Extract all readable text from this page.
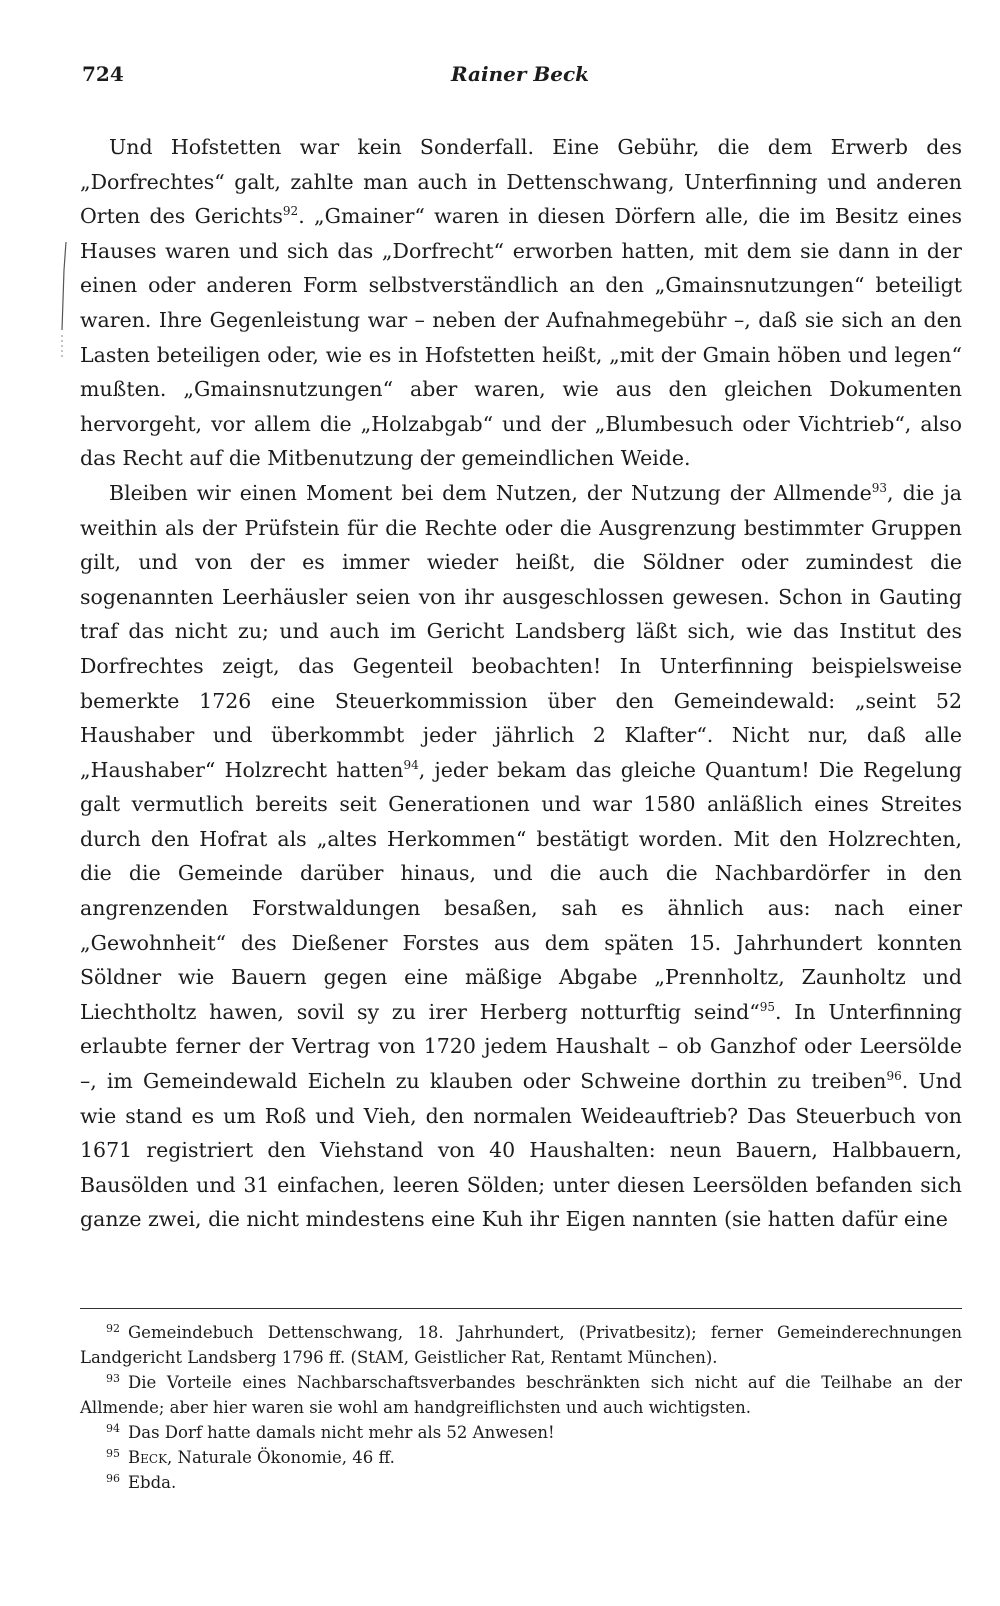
724	Rainer Beck

Und Hofstetten war kein Sonderfall. Eine Gebühr, die dem Erwerb des „Dorfrechtes“ galt, zahlte man auch in Dettenschwang, Unterfinning und anderen Orten des Gerichts$^{92}$. „Gmainer“ waren in diesen Dörfern alle, die im Besitz eines Hauses waren und sich das „Dorfrecht“ erworben hatten, mit dem sie dann in der einen oder anderen Form selbstverständlich an den „Gmainsnutzungen“ beteiligt waren. Ihre Gegenleistung war – neben der Aufnahmegebühr –, daß sie sich an den Lasten beteiligen oder, wie es in Hofstetten heißt, „mit der Gmain höben und legen“ mußten. „Gmainsnutzungen“ aber waren, wie aus den gleichen Dokumenten hervorgeht, vor allem die „Holzabgab“ und der „Blumbesuch oder Vichtrieb“, also das Recht auf die Mitbenutzung der gemeindlichen Weide.

Bleiben wir einen Moment bei dem Nutzen, der Nutzung der Allmende$^{93}$, die ja weithin als der Prüfstein für die Rechte oder die Ausgrenzung bestimmter Gruppen gilt, und von der es immer wieder heißt, die Söldner oder zumindest die sogenannten Leerhäusler seien von ihr ausgeschlossen gewesen. Schon in Gauting traf das nicht zu; und auch im Gericht Landsberg läßt sich, wie das Institut des Dorfrechtes zeigt, das Gegenteil beobachten! In Unterfinning beispielsweise bemerkte 1726 eine Steuerkommission über den Gemeindewald: „seint 52 Haushaber und überkommbt jeder jährlich 2 Klafter“. Nicht nur, daß alle „Haushaber“ Holzrecht hatten$^{94}$, jeder bekam das gleiche Quantum! Die Regelung galt vermutlich bereits seit Generationen und war 1580 anläßlich eines Streites durch den Hofrat als „altes Herkommen“ bestätigt worden. Mit den Holzrechten, die die Gemeinde darüber hinaus, und die auch die Nachbardörfer in den angrenzenden Forstwaldungen besaßen, sah es ähnlich aus: nach einer „Gewohnheit“ des Dießener Forstes aus dem späten 15. Jahrhundert konnten Söldner wie Bauern gegen eine mäßige Abgabe „Prennholtz, Zaunholtz und Liechtholtz hawen, sovil sy zu irer Herberg notturftig seind“$^{95}$. In Unterfinning erlaubte ferner der Vertrag von 1720 jedem Haushalt – ob Ganzhof oder Leersölde –, im Gemeindewald Eicheln zu klauben oder Schweine dorthin zu treiben$^{96}$. Und wie stand es um Roß und Vieh, den normalen Weideauftrieb? Das Steuerbuch von 1671 registriert den Viehstand von 40 Haushalten: neun Bauern, Halbbauern, Bausölden und 31 einfachen, leeren Sölden; unter diesen Leersölden befanden sich ganze zwei, die nicht mindestens eine Kuh ihr Eigen nannten (sie hatten dafür eine

$^{92}$ Gemeindebuch Dettenschwang, 18. Jahrhundert, (Privatbesitz); ferner Gemeinderechnungen Landgericht Landsberg 1796 ff. (StAM, Geistlicher Rat, Rentamt München).

$^{93}$ Die Vorteile eines Nachbarschaftsverbandes beschränkten sich nicht auf die Teilhabe an der Allmende; aber hier waren sie wohl am handgreiflichsten und auch wichtigsten.

$^{94}$ Das Dorf hatte damals nicht mehr als 52 Anwesen!

$^{95}$ Beck, Naturale Ökonomie, 46 ff.

$^{96}$ Ebda.
